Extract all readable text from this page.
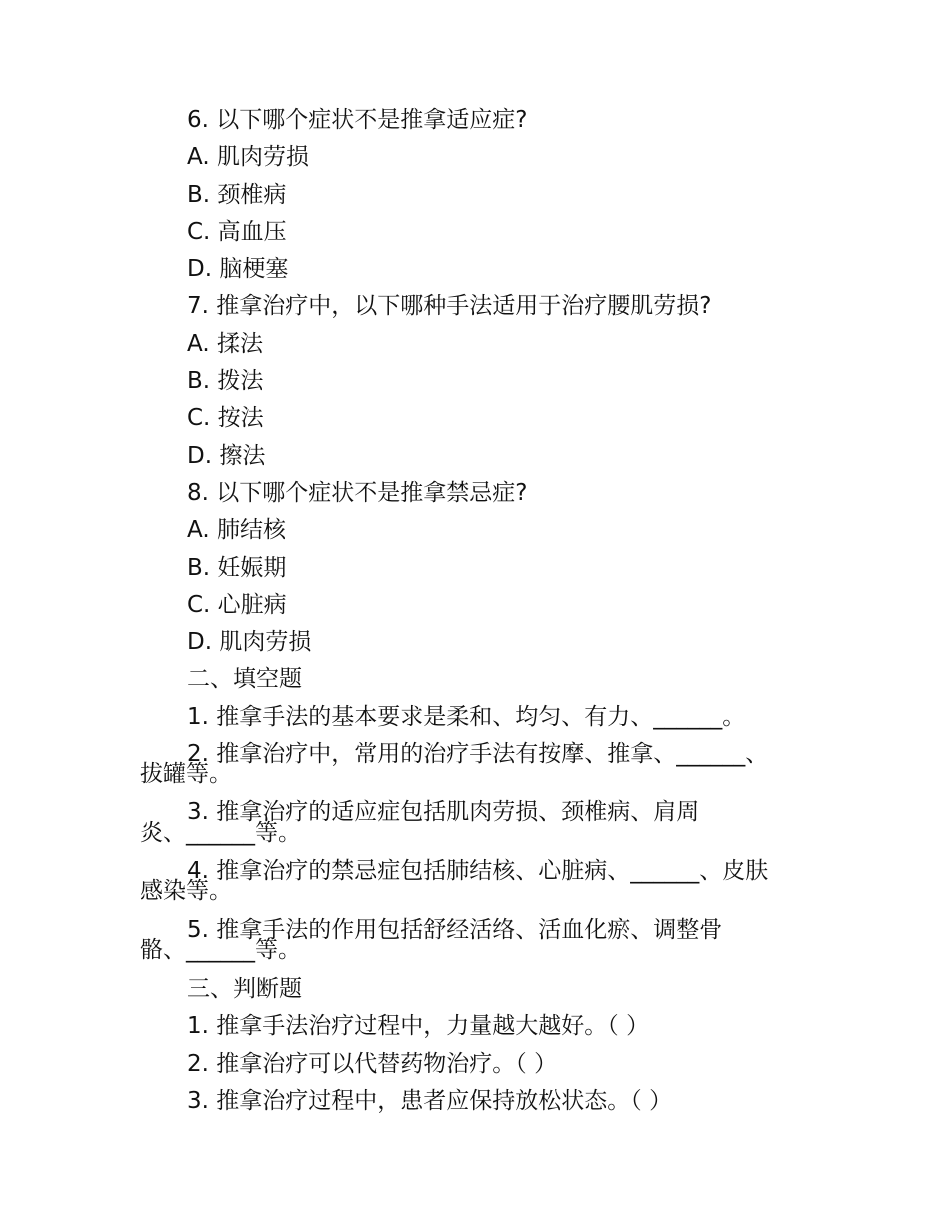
6. 以下哪个症状不是推拿适应症?
A. 肌肉劳损
B. 颈椎病
C. 高血压
D. 脑梗塞
7. 推拿治疗中，以下哪种手法适用于治疗腰肌劳损?
A. 揉法
B. 拨法
C. 按法
D. 擦法
8. 以下哪个症状不是推拿禁忌症?
A. 肺结核
B. 妊娠期
C. 心脏病
D. 肌肉劳损
二、填空题
1. 推拿手法的基本要求是柔和、均匀、有力、______。
2. 推拿治疗中，常用的治疗手法有按摩、推拿、______、
拔罐等。
3. 推拿治疗的适应症包括肌肉劳损、颈椎病、肩周
炎、______等。
4. 推拿治疗的禁忌症包括肺结核、心脏病、______、皮肤
感染等。
5. 推拿手法的作用包括舒经活络、活血化瘀、调整骨
骼、______等。
三、判断题
1. 推拿手法治疗过程中，力量越大越好。（ ）
2. 推拿治疗可以代替药物治疗。（ ）
3. 推拿治疗过程中，患者应保持放松状态。（ ）
